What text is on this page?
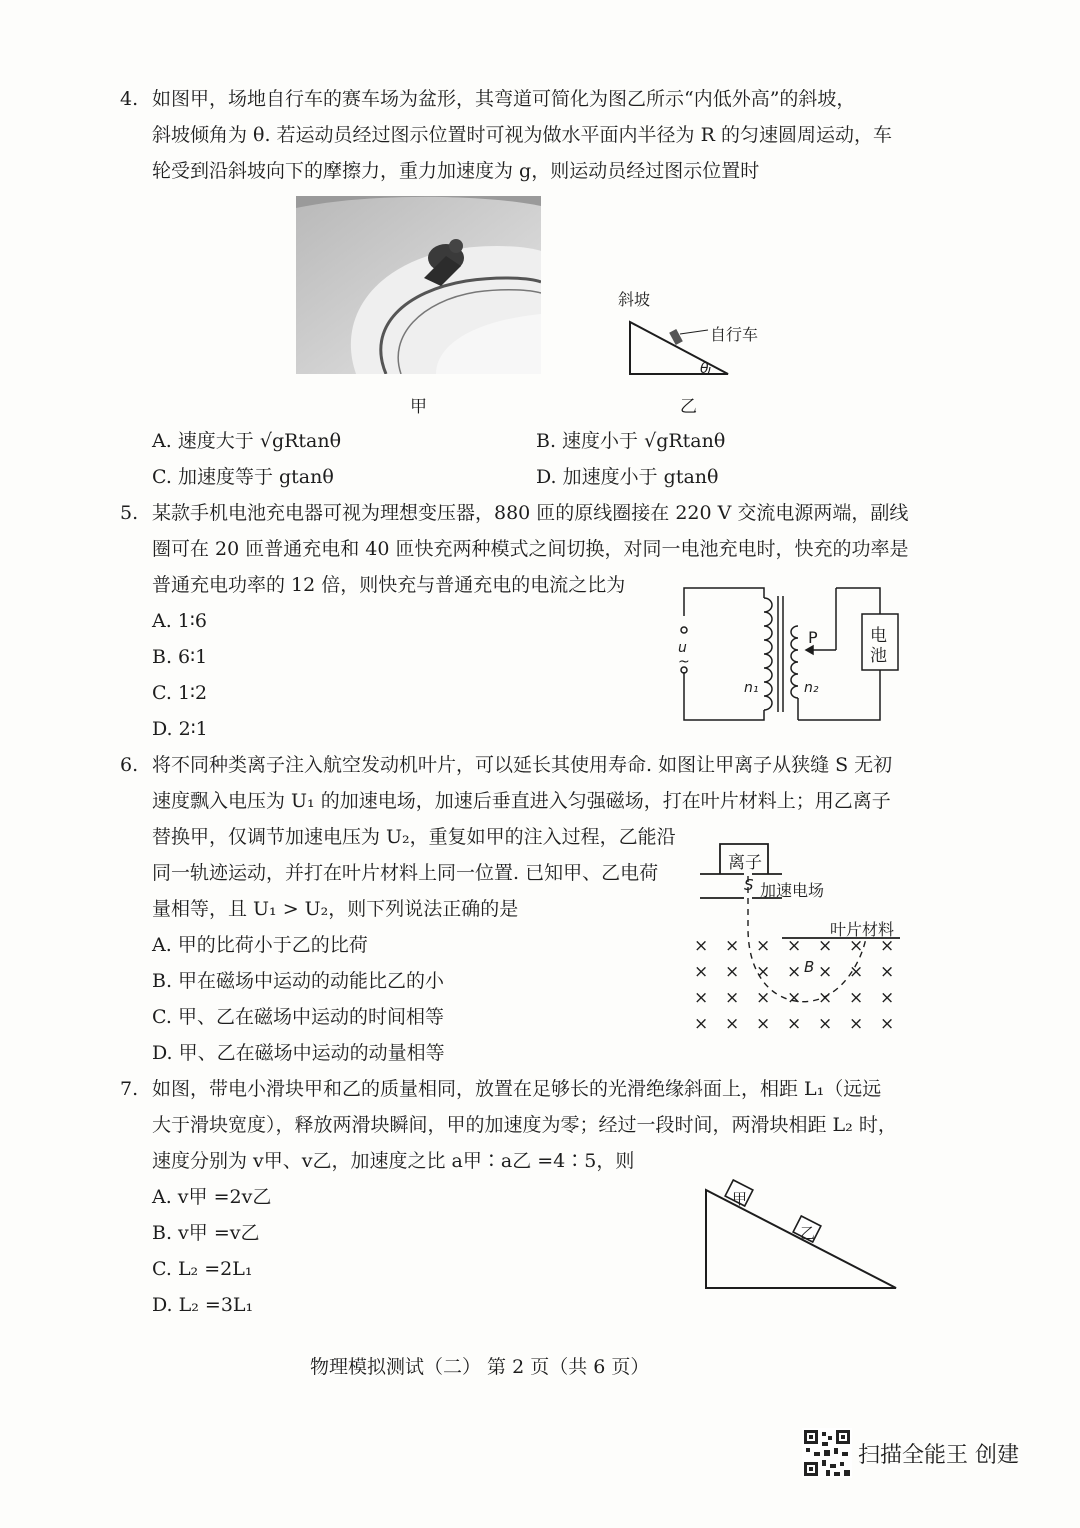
4. 如图甲，场地自行车的赛车场为盆形，其弯道可简化为图乙所示“内低外高”的斜坡，
斜坡倾角为 θ. 若运动员经过图示位置时可视为做水平面内半径为 R 的匀速圆周运动，车
轮受到沿斜坡向下的摩擦力，重力加速度为 g，则运动员经过图示位置时
甲
斜坡
自行车
θ
乙
A. 速度大于 √gRtanθ	B. 速度小于 √gRtanθ
C. 加速度等于 gtanθ	D. 加速度小于 gtanθ
5. 某款手机电池充电器可视为理想变压器，880 匝的原线圈接在 220 V 交流电源两端，副线
圈可在 20 匝普通充电和 40 匝快充两种模式之间切换，对同一电池充电时，快充的功率是
普通充电功率的 12 倍，则快充与普通充电的电流之比为
A. 1∶6
B. 6∶1
C. 1∶2
D. 2∶1
u
~
n₁	n₂
P	电池
6. 将不同种类离子注入航空发动机叶片，可以延长其使用寿命. 如图让甲离子从狭缝 S 无初
速度飘入电压为 U₁ 的加速电场，加速后垂直进入匀强磁场，打在叶片材料上；用乙离子
替换甲，仅调节加速电压为 U₂，重复如甲的注入过程，乙能沿
同一轨迹运动，并打在叶片材料上同一位置. 已知甲、乙电荷
量相等，且 U₁ > U₂，则下列说法正确的是
A. 甲的比荷小于乙的比荷
B. 甲在磁场中运动的动能比乙的小
C. 甲、乙在磁场中运动的时间相等
D. 甲、乙在磁场中运动的动量相等
离子
S 加速电场
叶片材料
B
× × × × × × ×
× × × × × × ×
× × × × × × ×
× × × × × × ×
7. 如图，带电小滑块甲和乙的质量相同，放置在足够长的光滑绝缘斜面上，相距 L₁（远远
大于滑块宽度），释放两滑块瞬间，甲的加速度为零；经过一段时间，两滑块相距 L₂ 时，
速度分别为 v甲、v乙，加速度之比 a甲∶a乙 =4∶5，则
A. v甲 =2v乙
B. v甲 =v乙
C. L₂ =2L₁
D. L₂ =3L₁
甲
乙
物理模拟测试（二） 第 2 页（共 6 页）
扫描全能王 创建
